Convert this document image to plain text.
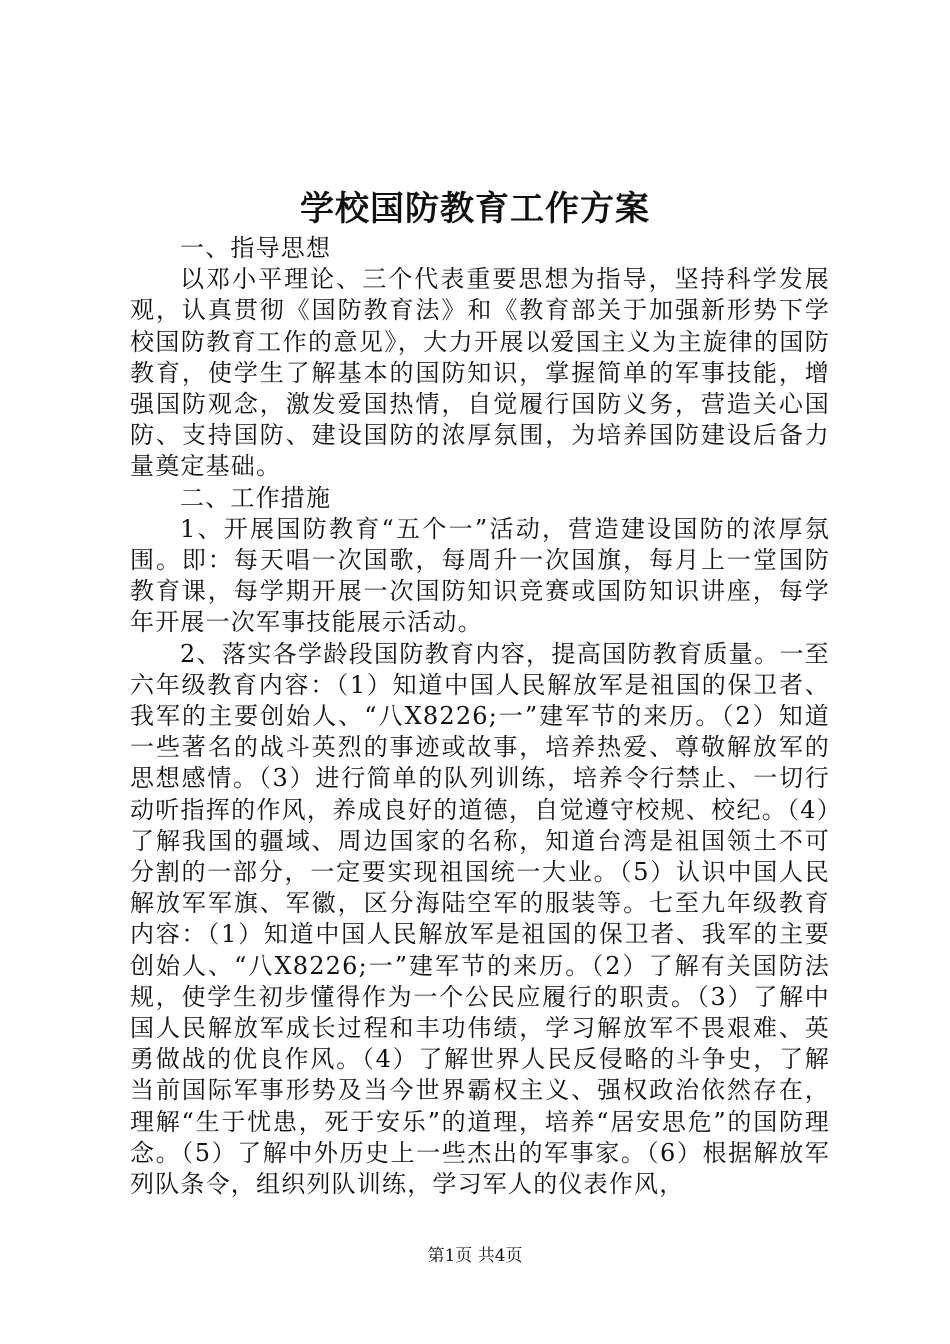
学校国防教育工作方案

一、指导思想

以邓小平理论、三个代表重要思想为指导，坚持科学发展观，认真贯彻《国防教育法》和《教育部关于加强新形势下学校国防教育工作的意见》，大力开展以爱国主义为主旋律的国防教育，使学生了解基本的国防知识，掌握简单的军事技能，增强国防观念，激发爱国热情，自觉履行国防义务，营造关心国防、支持国防、建设国防的浓厚氛围，为培养国防建设后备力量奠定基础。

二、工作措施

1、开展国防教育“五个一”活动，营造建设国防的浓厚氛围。即：每天唱一次国歌，每周升一次国旗，每月上一堂国防教育课，每学期开展一次国防知识竞赛或国防知识讲座，每学年开展一次军事技能展示活动。

2、落实各学龄段国防教育内容，提高国防教育质量。一至六年级教育内容：（1）知道中国人民解放军是祖国的保卫者、我军的主要创始人、“八X8226;一”建军节的来历。（2）知道一些著名的战斗英烈的事迹或故事，培养热爱、尊敬解放军的思想感情。（3）进行简单的队列训练，培养令行禁止、一切行动听指挥的作风，养成良好的道德，自觉遵守校规、校纪。（4）了解我国的疆域、周边国家的名称，知道台湾是祖国领土不可分割的一部分，一定要实现祖国统一大业。（5）认识中国人民解放军军旗、军徽，区分海陆空军的服装等。七至九年级教育内容：（1）知道中国人民解放军是祖国的保卫者、我军的主要创始人、“八X8226;一”建军节的来历。（2）了解有关国防法规，使学生初步懂得作为一个公民应履行的职责。（3）了解中国人民解放军成长过程和丰功伟绩，学习解放军不畏艰难、英勇做战的优良作风。（4）了解世界人民反侵略的斗争史，了解当前国际军事形势及当今世界霸权主义、强权政治依然存在，理解“生于忧患，死于安乐”的道理，培养“居安思危”的国防理念。（5）了解中外历史上一些杰出的军事家。（6）根据解放军列队条令，组织列队训练，学习军人的仪表作风，

第1页 共4页
